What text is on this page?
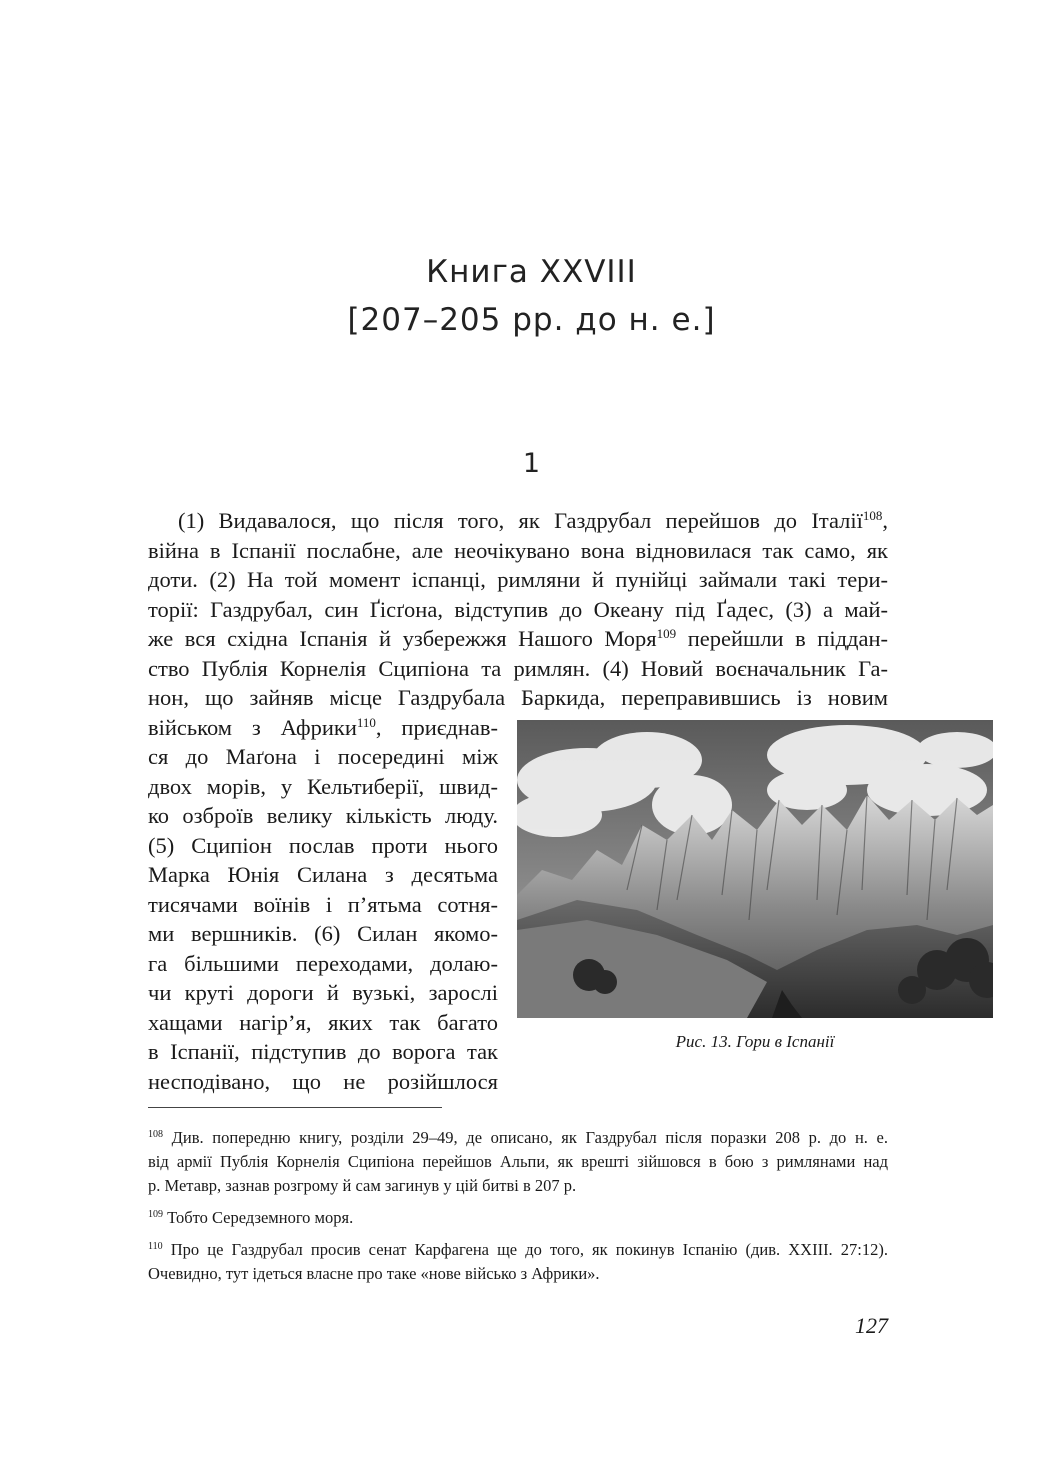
Книга XXVIII
[207–205 рр. до н. е.]
1
(1) Видавалося, що після того, як Газдрубал перейшов до Італії$^{108}$,
війна в Іспанії послабне, але неочікувано вона відновилася так само, як
доти. (2) На той момент іспанці, римляни й пунійці займали такі тери-
торії: Газдрубал, син Ґісґона, відступив до Океану під Ґадес, (3) а май-
же вся східна Іспанія й узбережжя Нашого Моря$^{109}$ перейшли в піддан-
ство Публія Корнелія Сципіона та римлян. (4) Новий воєначальник Га-
нон, що зайняв місце Газдрубала Баркида, переправившись із новим
військом з Африки$^{110}$, приєднав-
ся до Маґона і посередині між
двох морів, у Кельтиберії, швид-
ко озброїв велику кількість люду.
(5) Сципіон послав проти нього
Марка Юнія Силана з десятьма
тисячами воїнів і п’ятьма сотня-
ми вершників. (6) Силан якомо-
га більшими переходами, долаю-
чи круті дороги й вузькі, зарослі
хащами нагір’я, яких так багато
в Іспанії, підступив до ворога так
несподівано, що не розійшлося
Рис. 13. Гори в Іспанії

$^{108}$ Див. попередню книгу, розділи 29–49, де описано, як Газдрубал після поразки 208 р. до н. е.
від армії Публія Корнелія Сципіона перейшов Альпи, як врешті зійшовся в бою з римлянами над
р. Метавр, зазнав розгрому й сам загинув у цій битві в 207 р.

$^{109}$ Тобто Середземного моря.

$^{110}$ Про це Газдрубал просив сенат Карфагена ще до того, як покинув Іспанію (див. XXIII. 27:12).
Очевидно, тут ідеться власне про таке «нове військо з Африки».

127
